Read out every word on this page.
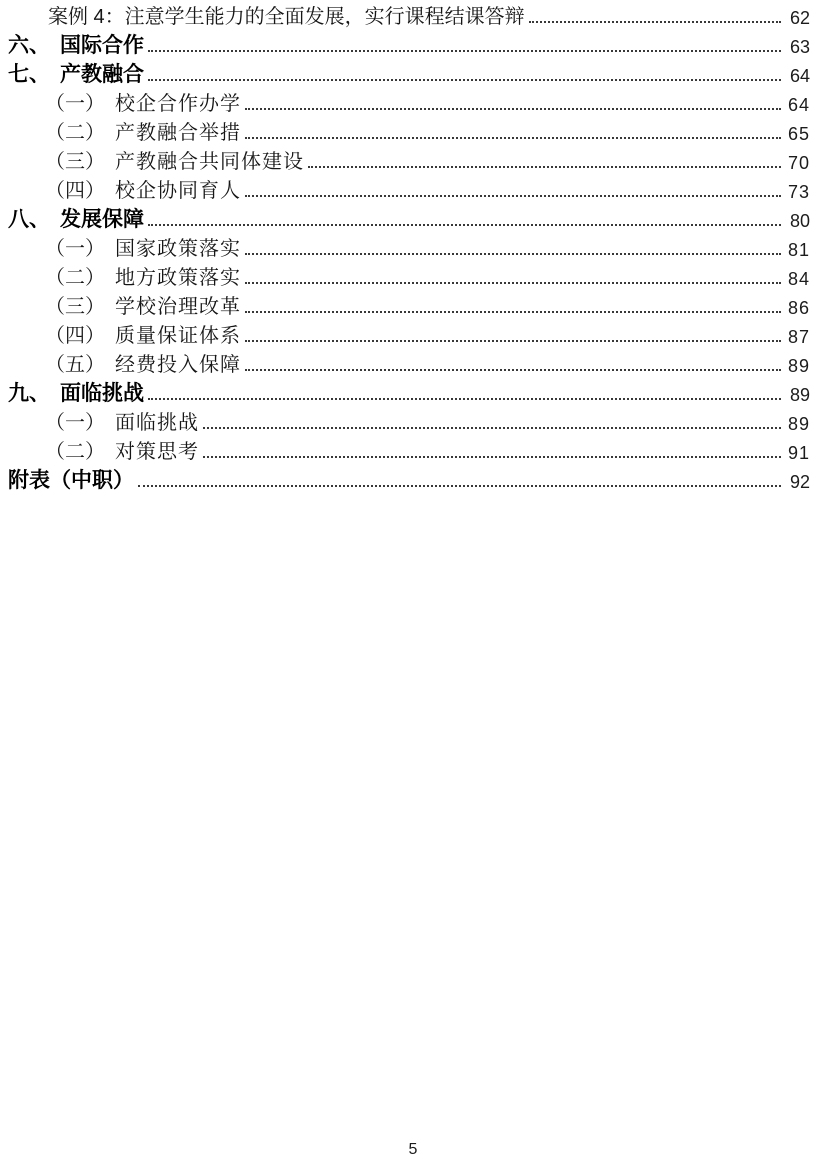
案例 4：注意学生能力的全面发展，实行课程结课答辩	62
六、 国际合作	63
七、 产教融合	64
（一） 校企合作办学	64
（二） 产教融合举措	65
（三） 产教融合共同体建设	70
（四） 校企协同育人	73
八、 发展保障	80
（一） 国家政策落实	81
（二） 地方政策落实	84
（三） 学校治理改革	86
（四） 质量保证体系	87
（五） 经费投入保障	89
九、 面临挑战	89
（一） 面临挑战	89
（二） 对策思考	91
附表（中职）	92
5
